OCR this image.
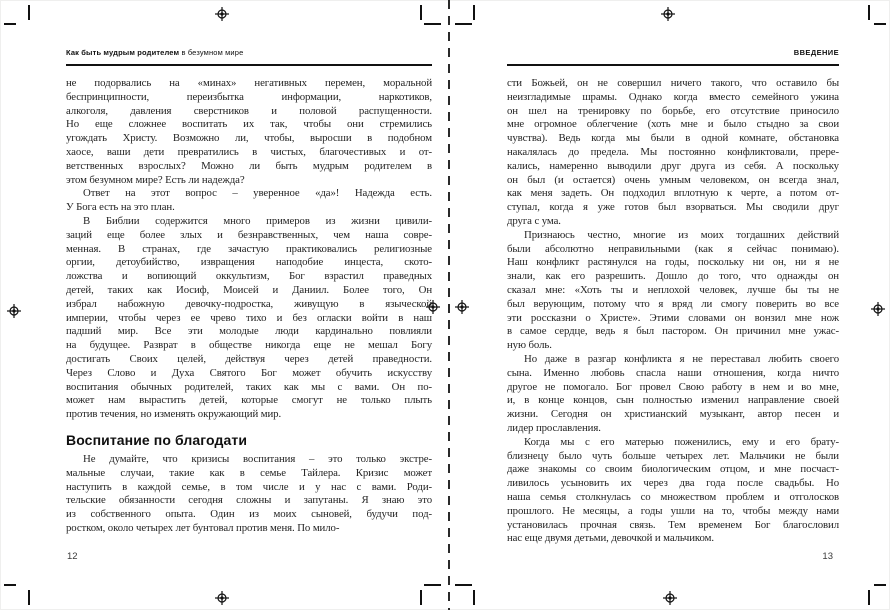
Как быть мудрым родителем в безумном мире
не подорвались на «минах» негативных перемен, моральной
беспринципности, переизбытка информации, наркотиков,
алкоголя, давления сверстников и половой распущенности.
Но еще сложнее воспитать их так, чтобы они стремились
угождать Христу. Возможно ли, чтобы, выросши в подобном
хаосе, ваши дети превратились в чистых, благочестивых и от-
ветственных взрослых? Можно ли быть мудрым родителем в
этом безумном мире? Есть ли надежда?
Ответ на этот вопрос – уверенное «да»! Надежда есть.
У Бога есть на это план.
В Библии содержится много примеров из жизни цивили-
заций еще более злых и безнравственных, чем наша совре-
менная. В странах, где зачастую практиковались религиозные
оргии, детоубийство, извращения наподобие инцеста, ското-
ложства и вопиющий оккультизм, Бог взрастил праведных
детей, таких как Иосиф, Моисей и Даниил. Более того, Он
избрал набожную девочку-подростка, живущую в языческой
империи, чтобы через ее чрево тихо и без огласки войти в наш
падший мир. Все эти молодые люди кардинально повлияли
на будущее. Разврат в обществе никогда еще не мешал Богу
достигать Своих целей, действуя через детей праведности.
Через Слово и Духа Святого Бог может обучить искусству
воспитания обычных родителей, таких как мы с вами. Он по-
может нам вырастить детей, которые смогут не только плыть
против течения, но изменять окружающий мир.
Воспитание по благодати
Не думайте, что кризисы воспитания – это только экстре-
мальные случаи, такие как в семье Тайлера. Кризис может
наступить в каждой семье, в том числе и у нас с вами. Роди-
тельские обязанности сегодня сложны и запутаны. Я знаю это
из собственного опыта. Один из моих сыновей, будучи под-
ростком, около четырех лет бунтовал против меня. По мило-
12
ВВЕДЕНИЕ
сти Божьей, он не совершил ничего такого, что оставило бы
неизгладимые шрамы. Однако когда вместо семейного ужина
он шел на тренировку по борьбе, его отсутствие приносило
мне огромное облегчение (хоть мне и было стыдно за свои
чувства). Ведь когда мы были в одной комнате, обстановка
накалялась до предела. Мы постоянно конфликтовали, прере-
кались, намеренно выводили друг друга из себя. А поскольку
он был (и остается) очень умным человеком, он всегда знал,
как меня задеть. Он подходил вплотную к черте, а потом от-
ступал, когда я уже готов был взорваться. Мы сводили друг
друга с ума.
Признаюсь честно, многие из моих тогдашних действий
были абсолютно неправильными (как я сейчас понимаю).
Наш конфликт растянулся на годы, поскольку ни он, ни я не
знали, как его разрешить. Дошло до того, что однажды он
сказал мне: «Хоть ты и неплохой человек, лучше бы ты не
был верующим, потому что я вряд ли смогу поверить во все
эти россказни о Христе». Этими словами он вонзил мне нож
в самое сердце, ведь я был пастором. Он причинил мне ужас-
ную боль.
Но даже в разгар конфликта я не переставал любить своего
сына. Именно любовь спасла наши отношения, когда ничто
другое не помогало. Бог провел Свою работу в нем и во мне,
и, в конце концов, сын полностью изменил направление своей
жизни. Сегодня он христианский музыкант, автор песен и
лидер прославления.
Когда мы с его матерью поженились, ему и его брату-
близнецу было чуть больше четырех лет. Мальчики не были
даже знакомы со своим биологическим отцом, и мне посчаст-
ливилось усыновить их через два года после свадьбы. Но
наша семья столкнулась со множеством проблем и отголосков
прошлого. Не месяцы, а годы ушли на то, чтобы между нами
установилась прочная связь. Тем временем Бог благословил
нас еще двумя детьми, девочкой и мальчиком.
13
